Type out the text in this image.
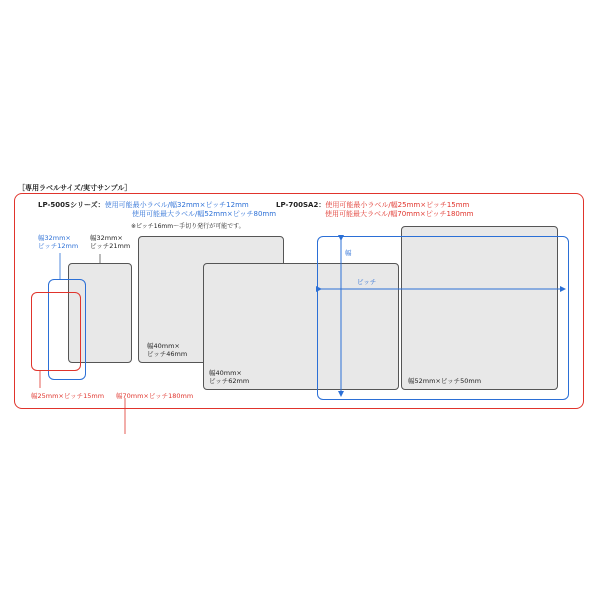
［専用ラベルサイズ/実寸サンプル］
LP-500Sシリーズ：使用可能最小ラベル/幅32mm×ピッチ12mm
使用可能最大ラベル/幅52mm×ピッチ80mm
※ピッチ16mm～手切り発行が可能です。
LP-700SA2：使用可能最小ラベル/幅25mm×ピッチ15mm
使用可能最大ラベル/幅70mm×ピッチ180mm
幅32mm×
ピッチ12mm
幅32mm×
ピッチ21mm
幅40mm×
ピッチ46mm
幅40mm×
ピッチ62mm	幅52mm×ピッチ50mm
幅
ピッチ
幅25mm×ピッチ15mm 幅70mm×ピッチ180mm
